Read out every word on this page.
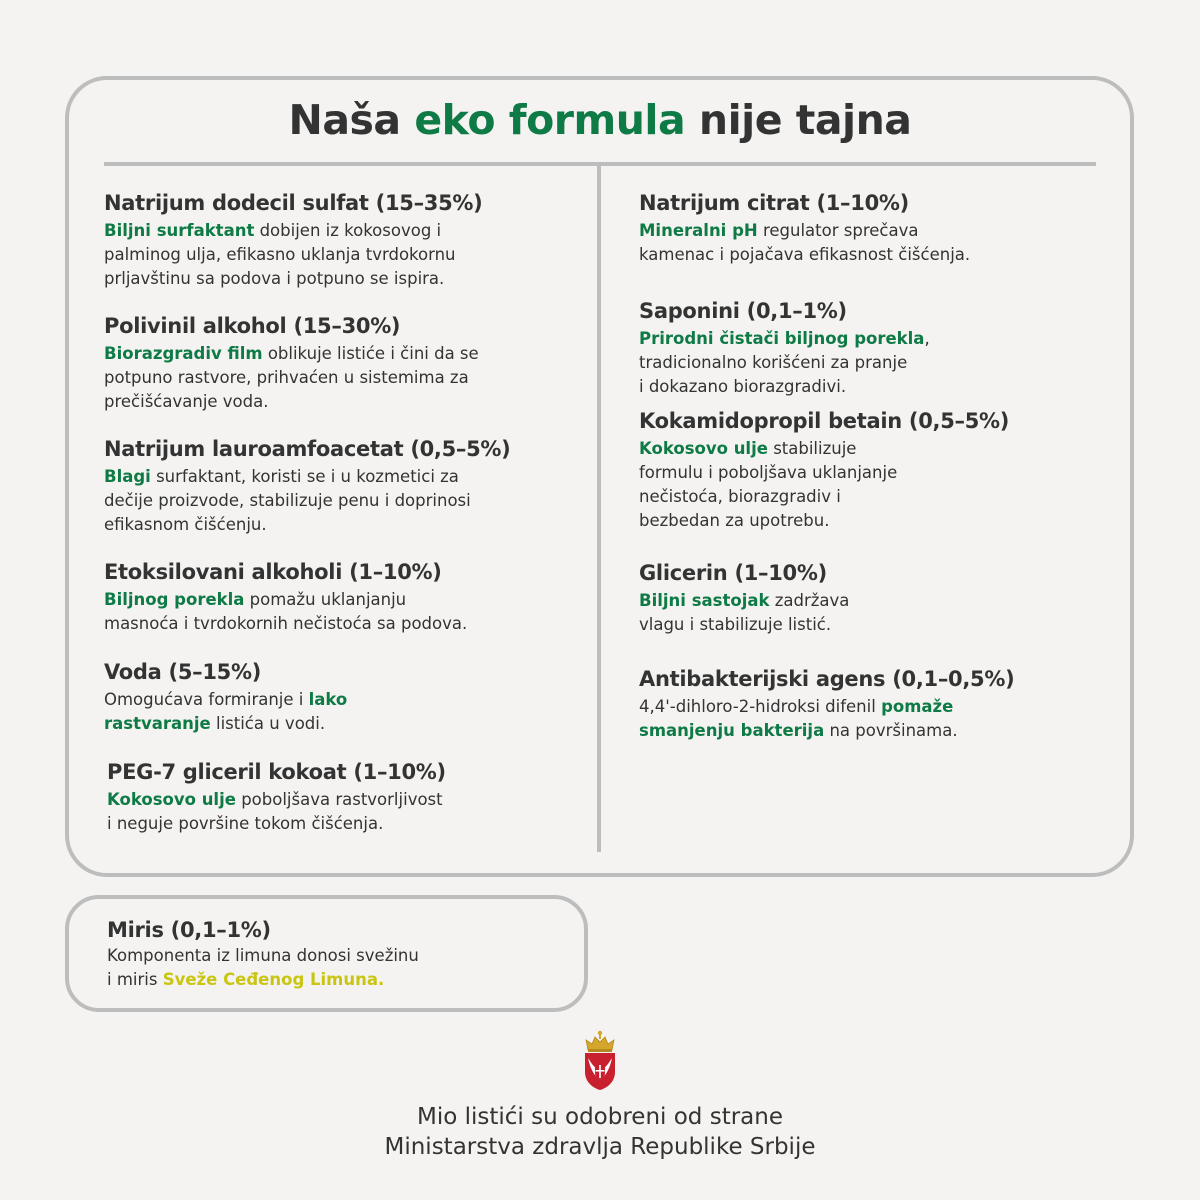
Naša eko formula nije tajna
Natrijum dodecil sulfat (15–35%)
Biljni surfaktant dobijen iz kokosovog i
palminog ulja, efikasno uklanja tvrdokornu
prljavštinu sa podova i potpuno se ispira.
Polivinil alkohol (15–30%)
Biorazgradiv film oblikuje listiće i čini da se
potpuno rastvore, prihvaćen u sistemima za
prečišćavanje voda.
Natrijum lauroamfoacetat (0,5–5%)
Blagi surfaktant, koristi se i u kozmetici za
dečije proizvode, stabilizuje penu i doprinosi
efikasnom čišćenju.
Etoksilovani alkoholi (1–10%)
Biljnog porekla pomažu uklanjanju
masnoća i tvrdokornih nečistoća sa podova.
Voda (5–15%)
Omogućava formiranje i lako
rastvaranje listića u vodi.
PEG-7 gliceril kokoat (1–10%)
Kokosovo ulje poboljšava rastvorljivost
i neguje površine tokom čišćenja.
Natrijum citrat (1–10%)
Mineralni pH regulator sprečava
kamenac i pojačava efikasnost čišćenja.
Saponini (0,1–1%)
Prirodni čistači biljnog porekla,
tradicionalno korišćeni za pranje
i dokazano biorazgradivi.
Kokamidopropil betain (0,5–5%)
Kokosovo ulje stabilizuje
formulu i poboljšava uklanjanje
nečistoća, biorazgradiv i
bezbedan za upotrebu.
Glicerin (1–10%)
Biljni sastojak zadržava
vlagu i stabilizuje listić.
Antibakterijski agens (0,1–0,5%)
4,4'-dihloro-2-hidroksi difenil pomaže
smanjenju bakterija na površinama.
Miris (0,1–1%)
Komponenta iz limuna donosi svežinu
i miris Sveže Ceđenog Limuna.
Mio listići su odobreni od strane
Ministarstva zdravlja Republike Srbije
